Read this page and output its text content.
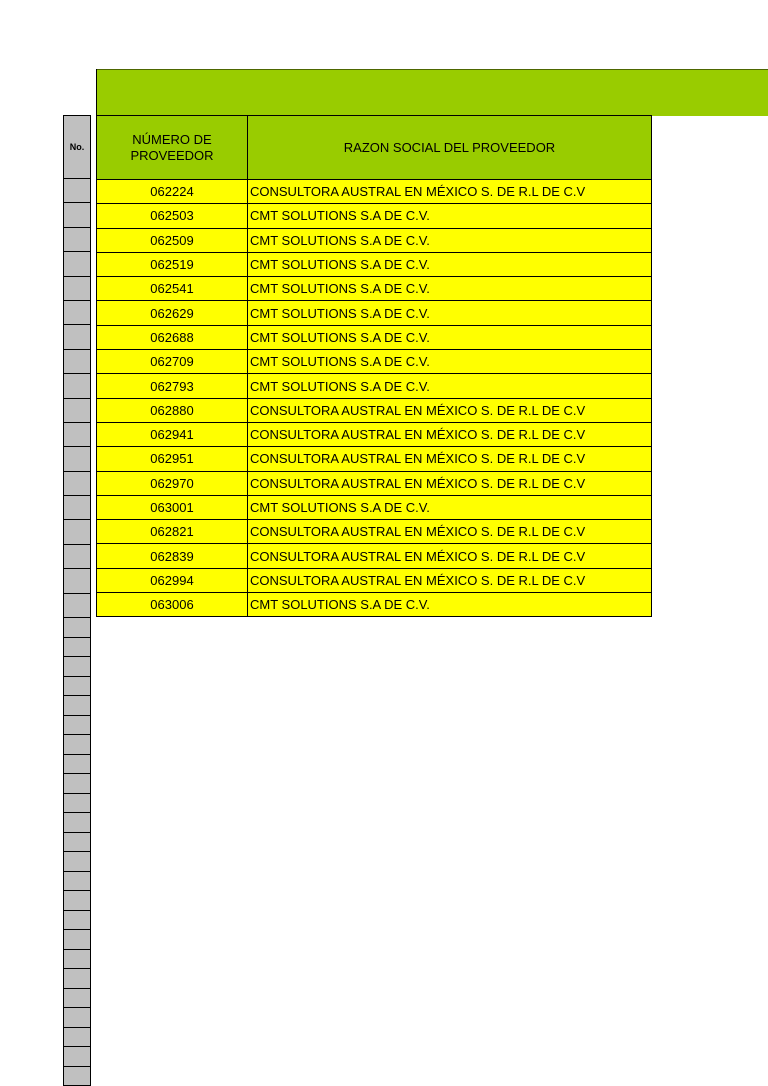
No.
NÚMERO DE PROVEEDOR	RAZON SOCIAL DEL PROVEEDOR
062224	CONSULTORA AUSTRAL EN MÉXICO S. DE R.L DE C.V
062503	CMT SOLUTIONS S.A DE C.V.
062509	CMT SOLUTIONS S.A DE C.V.
062519	CMT SOLUTIONS S.A DE C.V.
062541	CMT SOLUTIONS S.A DE C.V.
062629	CMT SOLUTIONS S.A DE C.V.
062688	CMT SOLUTIONS S.A DE C.V.
062709	CMT SOLUTIONS S.A DE C.V.
062793	CMT SOLUTIONS S.A DE C.V.
062880	CONSULTORA AUSTRAL EN MÉXICO S. DE R.L DE C.V
062941	CONSULTORA AUSTRAL EN MÉXICO S. DE R.L DE C.V
062951	CONSULTORA AUSTRAL EN MÉXICO S. DE R.L DE C.V
062970	CONSULTORA AUSTRAL EN MÉXICO S. DE R.L DE C.V
063001	CMT SOLUTIONS S.A DE C.V.
062821	CONSULTORA AUSTRAL EN MÉXICO S. DE R.L DE C.V
062839	CONSULTORA AUSTRAL EN MÉXICO S. DE R.L DE C.V
062994	CONSULTORA AUSTRAL EN MÉXICO S. DE R.L DE C.V
063006	CMT SOLUTIONS S.A DE C.V.
